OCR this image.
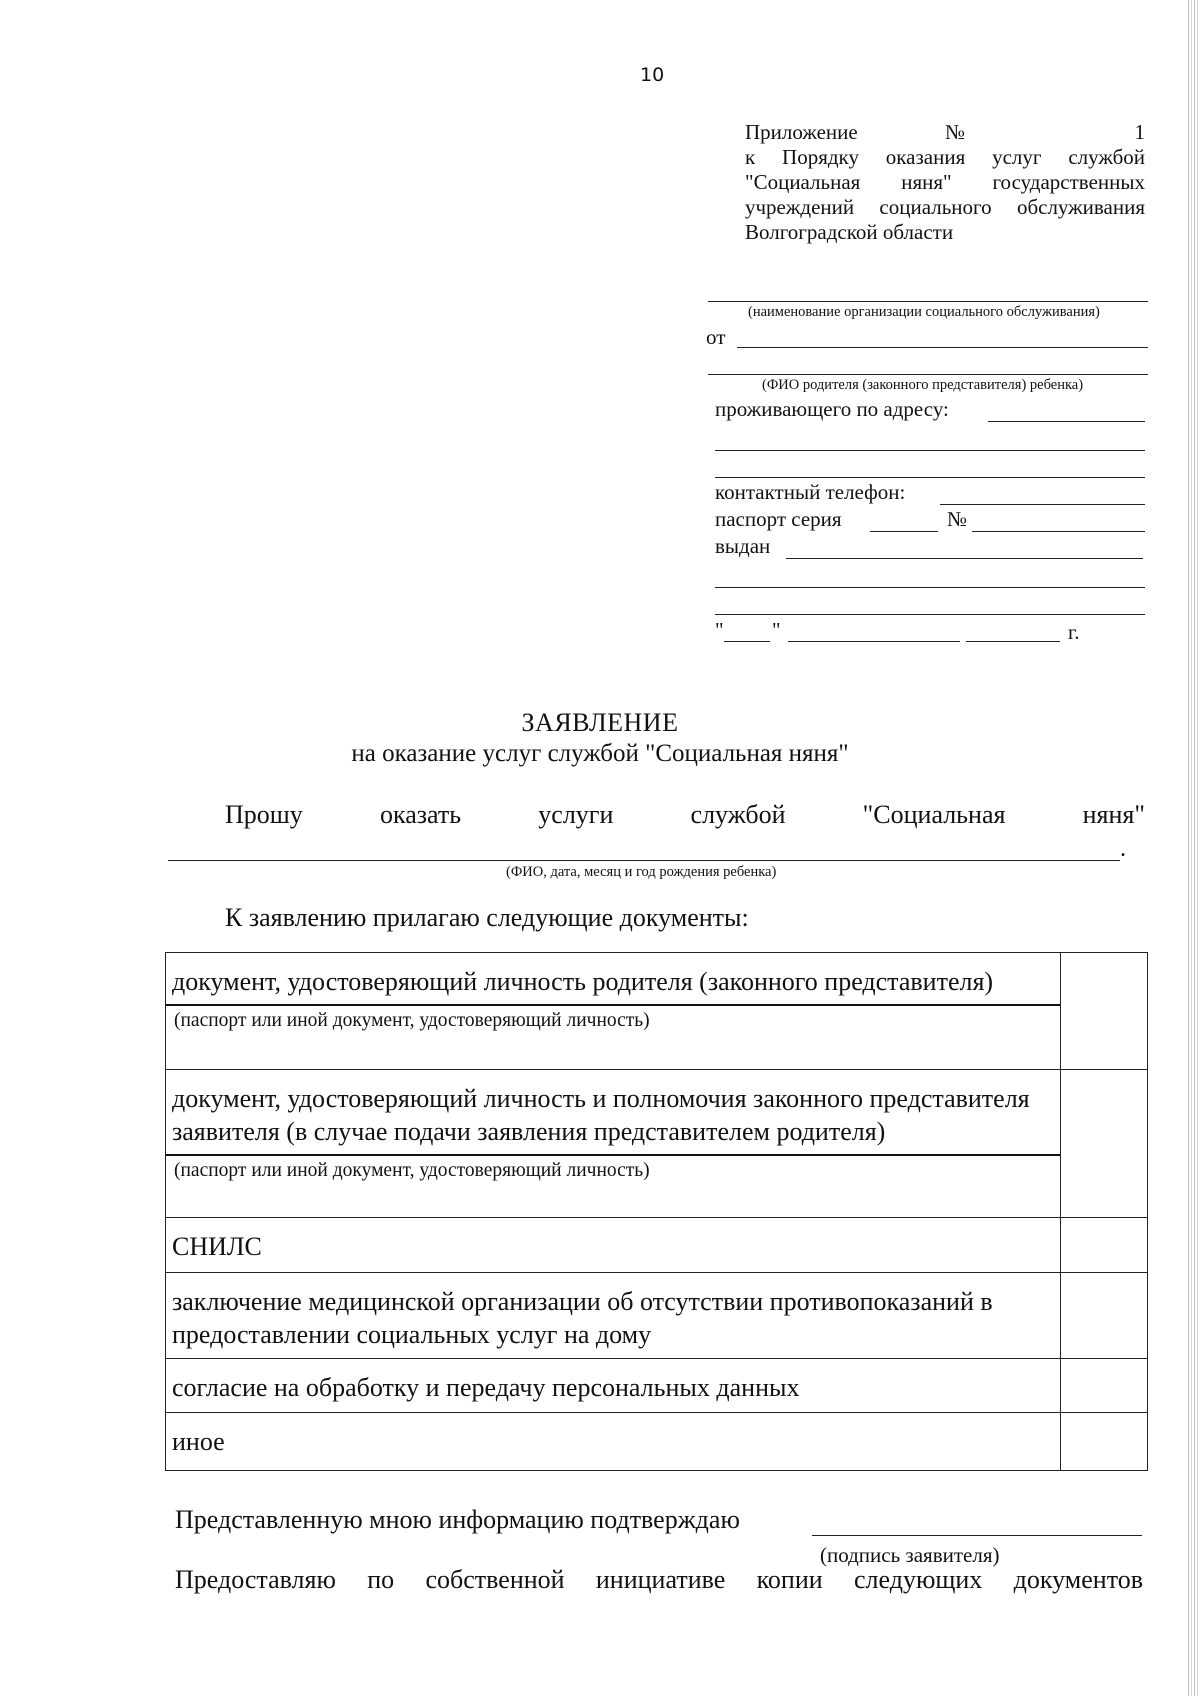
10
Приложение № 1
к Порядку оказания услуг службой
"Социальная няня" государственных
учреждений социального обслуживания
Волгоградской области
(наименование организации социального обслуживания)
от
(ФИО родителя (законного представителя) ребенка)
проживающего по адресу:
контактный телефон:
паспорт серия	№
выдан
" "	г.
ЗАЯВЛЕНИЕ
на оказание услуг службой "Социальная няня"
Прошу	оказать	услуги	службой	"Социальная	няня"
.
(ФИО, дата, месяц и год рождения ребенка)
К заявлению прилагаю следующие документы:
документ, удостоверяющий личность родителя (законного представителя)
(паспорт или иной документ, удостоверяющий личность)	

документ, удостоверяющий личность и полномочия законного представителя заявителя (в случае подачи заявления представителем родителя)
(паспорт или иной документ, удостоверяющий личность)	

СНИЛС	

заключение медицинской организации об отсутствии противопоказаний в предоставлении социальных услуг на дому	

согласие на обработку и передачу персональных данных	

иное	

Представленную мною информацию подтверждаю
(подпись заявителя)
Предоставляю по собственной инициативе копии следующих документов
